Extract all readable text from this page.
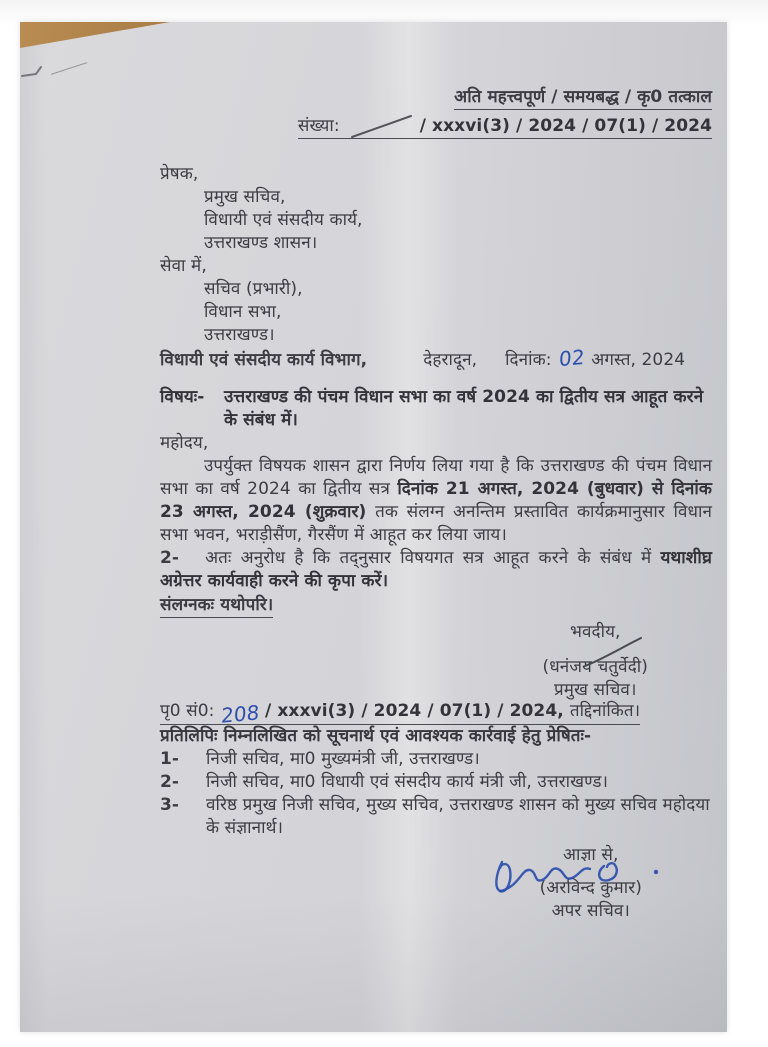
अति महत्त्वपूर्ण / समयबद्ध / कृ0 तत्काल
संख्या:	/ xxxvi(3) / 2024 / 07(1) / 2024
प्रेषक,
प्रमुख सचिव,
विधायी एवं संसदीय कार्य,
उत्तराखण्ड शासन।
सेवा में,
सचिव (प्रभारी),
विधान सभा,
उत्तराखण्ड।
विधायी एवं संसदीय कार्य विभाग,	देहरादून, दिनांक: 02 अगस्त, 2024
विषयः-	उत्तराखण्ड की पंचम विधान सभा का वर्ष 2024 का द्वितीय सत्र आहूत करने के संबंध में।
महोदय,

उपर्युक्त विषयक शासन द्वारा निर्णय लिया गया है कि उत्तराखण्ड की पंचम विधान सभा का वर्ष 2024 का द्वितीय सत्र दिनांक 21 अगस्त, 2024 (बुधवार) से दिनांक 23 अगस्त, 2024 (शुक्रवार) तक संलग्न अनन्तिम प्रस्तावित कार्यक्रमानुसार विधान सभा भवन, भराड़ीसैंण, गैरसैंण में आहूत कर लिया जाय।

2- अतः अनुरोध है कि तद्नुसार विषयगत सत्र आहूत करने के संबंध में यथाशीघ्र अग्रेत्तर कार्यवाही करने की कृपा करें।

संलग्नकः यथोपरि।
भवदीय,
(धनंजय चतुर्वेदी)
प्रमुख सचिव।
पृ0 सं0: 208 / xxxvi(3) / 2024 / 07(1) / 2024, तद्दिनांकित।
प्रतिलिपिः निम्नलिखित को सूचनार्थ एवं आवश्यक कार्रवाई हेतु प्रेषितः-
1-	निजी सचिव, मा0 मुख्यमंत्री जी, उत्तराखण्ड।
2-	निजी सचिव, मा0 विधायी एवं संसदीय कार्य मंत्री जी, उत्तराखण्ड।
3-	वरिष्ठ प्रमुख निजी सचिव, मुख्य सचिव, उत्तराखण्ड शासन को मुख्य सचिव महोदया के संज्ञानार्थ।
आज्ञा से,
(अरविन्द कुमार)
अपर सचिव।
